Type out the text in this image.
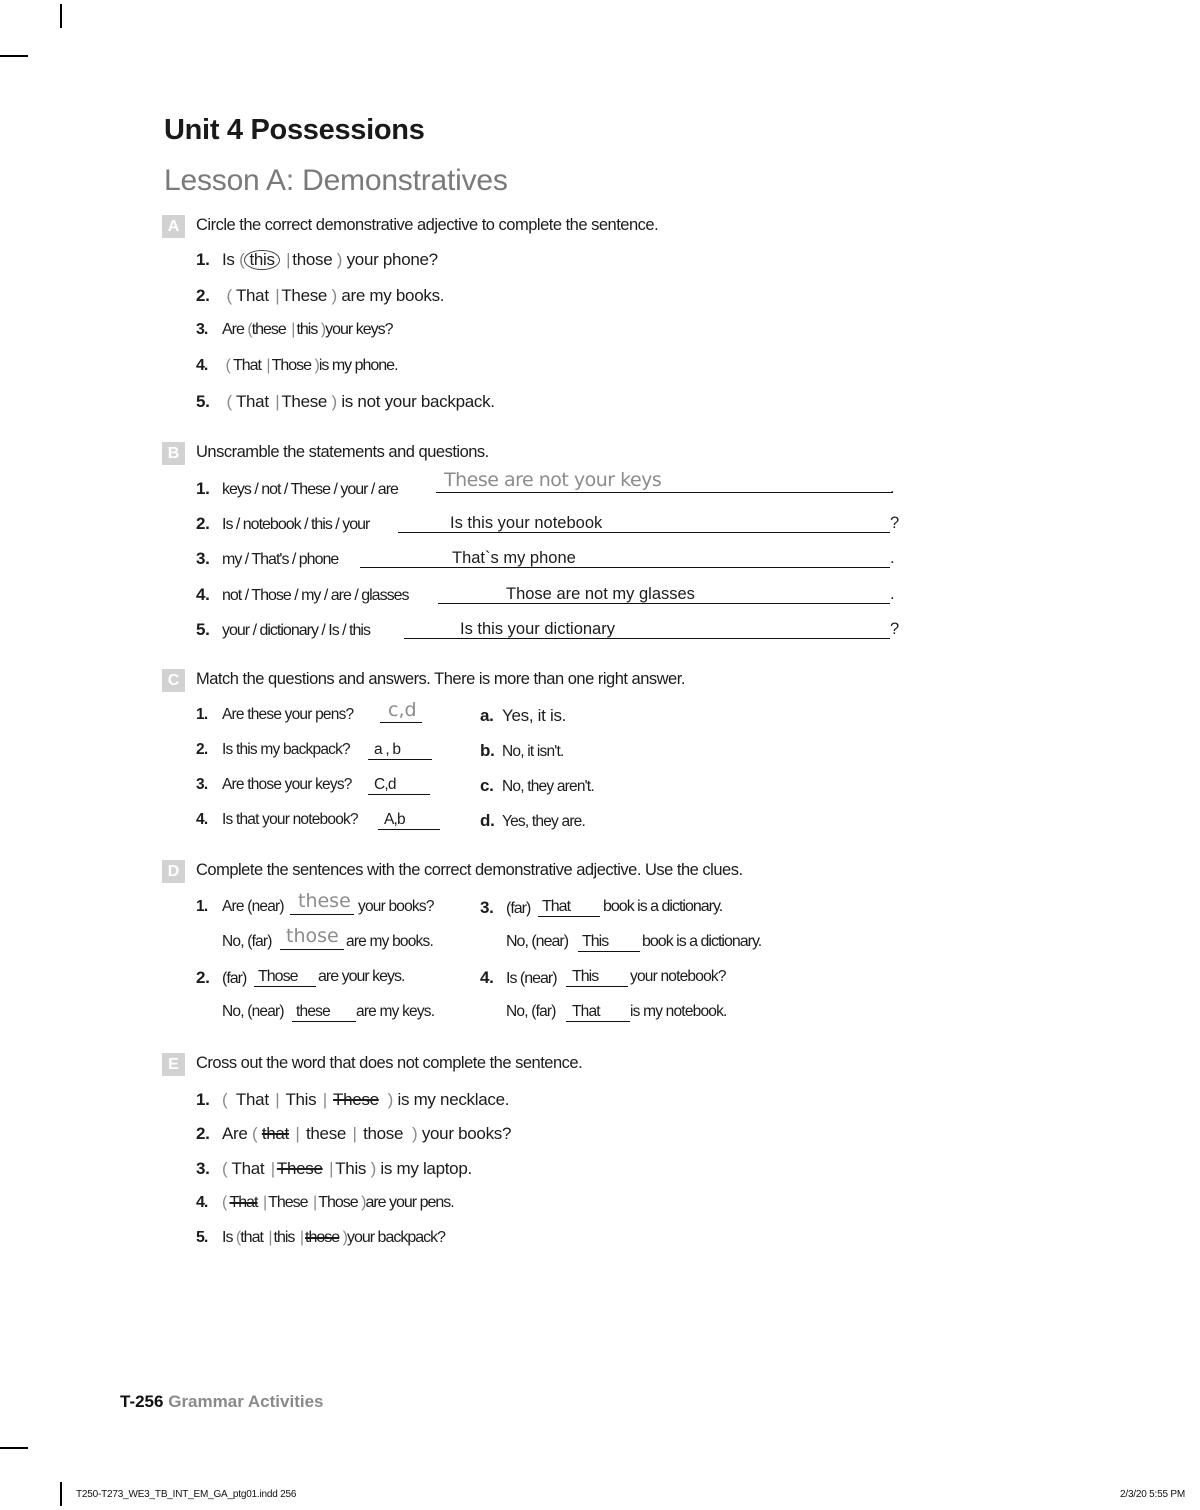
Unit 4 Possessions
Lesson A: Demonstratives
A	Circle the correct demonstrative adjective to complete the sentence.
1. Is ( this | those ) your phone?
2. ( That | These ) are my books.
3. Are (these | this )your keys?
4. ( That | Those )is my phone.
5. ( That | These ) is not your backpack.
B	Unscramble the statements and questions.
1. keys / not / These / your / are These are not your keys	.
2. Is / notebook / this / your	Is this your notebook	?
3. my / That's / phone	That`s my phone	.
4. not / Those / my / are / glasses	Those are not my glasses	.
5. your / dictionary / Is / this	Is this your dictionary	?
C	Match the questions and answers. There is more than one right answer.
1. Are these your pens? c,d
2. Is this my backpack? a , b
3. Are those your keys? C,d
4. Is that your notebook? A,b
a. Yes, it is.
b. No, it isn't.
c. No, they aren't.
d. Yes, they are.
D	Complete the sentences with the correct demonstrative adjective. Use the clues.
1. Are (near) these your books?
No, (far) those are my books.
2. (far) Those are your keys.
No, (near) these are my keys.
3. (far) That book is a dictionary.
No, (near) This book is a dictionary.
4. Is (near) This your notebook?
No, (far) That is my notebook.
E	Cross out the word that does not complete the sentence.
1. ( That | This | These ) is my necklace.
2. Are ( that | these | those ) your books?
3. ( That | These | This ) is my laptop.
4. ( That | These | Those )are your pens.
5. Is (that | this | those )your backpack?
T-256 Grammar Activities
T250-T273_WE3_TB_INT_EM_GA_ptg01.indd 256	2/3/20 5:55 PM
